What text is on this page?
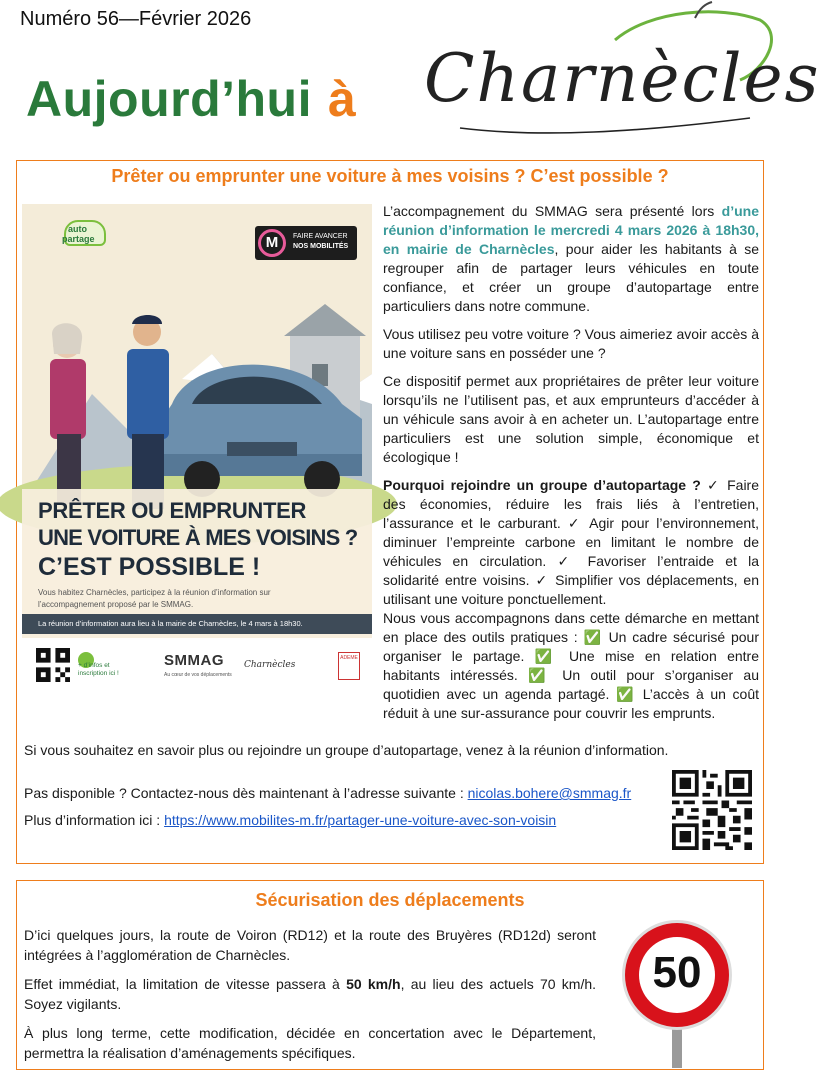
Numéro 56—Février 2026
Charnècles
Aujourd’hui à
Prêter ou emprunter une voiture à mes voisins ? C’est possible ?
auto
partage	M	FAIRE AVANCER
NOS MOBILITÉS
PRÊTER OU EMPRUNTER
UNE VOITURE À MES VOISINS ?
C’EST POSSIBLE !
Vous habitez Charnècles, participez à la réunion d’information sur
l’accompagnement proposé par le SMMAG.
La réunion d’information aura lieu à la mairie de Charnècles, le 4 mars à 18h30.
+ d’infos et inscription ici !
SMMAG
Au cœur de vos déplacements
Charnècles
ADEME

L’accompagnement du SMMAG sera présenté lors d’une réunion d’information le mercredi 4 mars 2026 à 18h30, en mairie de Charnècles, pour aider les habitants à se regrouper afin de partager leurs véhicules en toute confiance, et créer un groupe d’autopartage entre particuliers dans notre commune.

Vous utilisez peu votre voiture ? Vous aimeriez avoir accès à une voiture sans en posséder une ?

Ce dispositif permet aux propriétaires de prêter leur voiture lorsqu’ils ne l’utilisent pas, et aux emprunteurs d’accéder à un véhicule sans avoir à en acheter un. L’autopartage entre particuliers est une solution simple, économique et écologique !

Pourquoi rejoindre un groupe d’autopartage ? ✓ Faire des économies, réduire les frais liés à l’entretien, l’assurance et le carburant. ✓ Agir pour l’environnement, diminuer l’empreinte carbone en limitant le nombre de véhicules en circulation. ✓ Favoriser l’entraide et la solidarité entre voisins. ✓ Simplifier vos déplacements, en utilisant une voiture ponctuellement.

Nous vous accompagnons dans cette démarche en mettant en place des outils pratiques : ✅ Un cadre sécurisé pour organiser le partage. ✅ Une mise en relation entre habitants intéressés. ✅ Un outil pour s’organiser au quotidien avec un agenda partagé. ✅ L’accès à un coût réduit à une sur-assurance pour couvrir les emprunts.

Si vous souhaitez en savoir plus ou rejoindre un groupe d’autopartage, venez à la réunion d’information.
Pas disponible ? Contactez-nous dès maintenant à l’adresse suivante : nicolas.bohere@smmag.fr
Plus d’information ici : https://www.mobilites-m.fr/partager-une-voiture-avec-son-voisin
Sécurisation des déplacements

D’ici quelques jours, la route de Voiron (RD12) et la route des Bruyères (RD12d) seront intégrées à l’agglomération de Charnècles.

Effet immédiat, la limitation de vitesse passera à 50 km/h, au lieu des actuels 70 km/h. Soyez vigilants.

À plus long terme, cette modification, décidée en concertation avec le Département, permettra la réalisation d’aménagements spécifiques.

50
